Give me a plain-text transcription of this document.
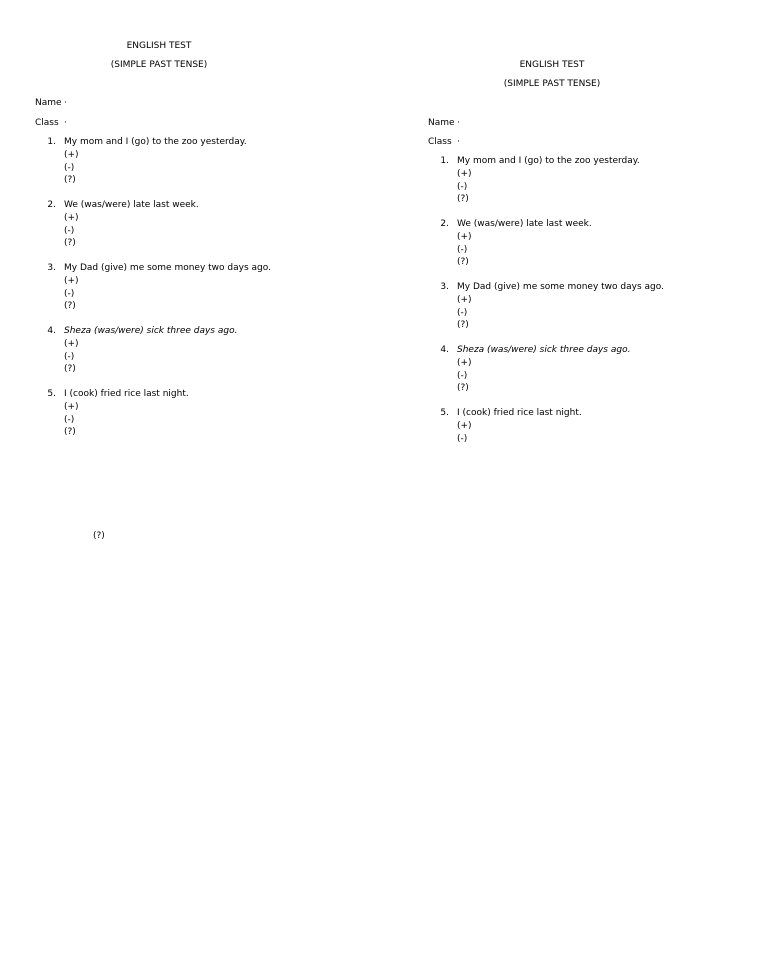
ENGLISH TEST
(SIMPLE PAST TENSE)
Name ·
Class ·
1. My mom and I (go) to the zoo yesterday.
(+)
(-)
(?)
2. We (was/were) late last week.
(+)
(-)
(?)
3. My Dad (give) me some money two days ago.
(+)
(-)
(?)
4. Sheza (was/were) sick three days ago.
(+)
(-)
(?)
5. I (cook) fried rice last night.
(+)
(-)
(?)
(?)
ENGLISH TEST
(SIMPLE PAST TENSE)
Name ·
Class ·
1. My mom and I (go) to the zoo yesterday.
(+)
(-)
(?)
2. We (was/were) late last week.
(+)
(-)
(?)
3. My Dad (give) me some money two days ago.
(+)
(-)
(?)
4. Sheza (was/were) sick three days ago.
(+)
(-)
(?)
5. I (cook) fried rice last night.
(+)
(-)
